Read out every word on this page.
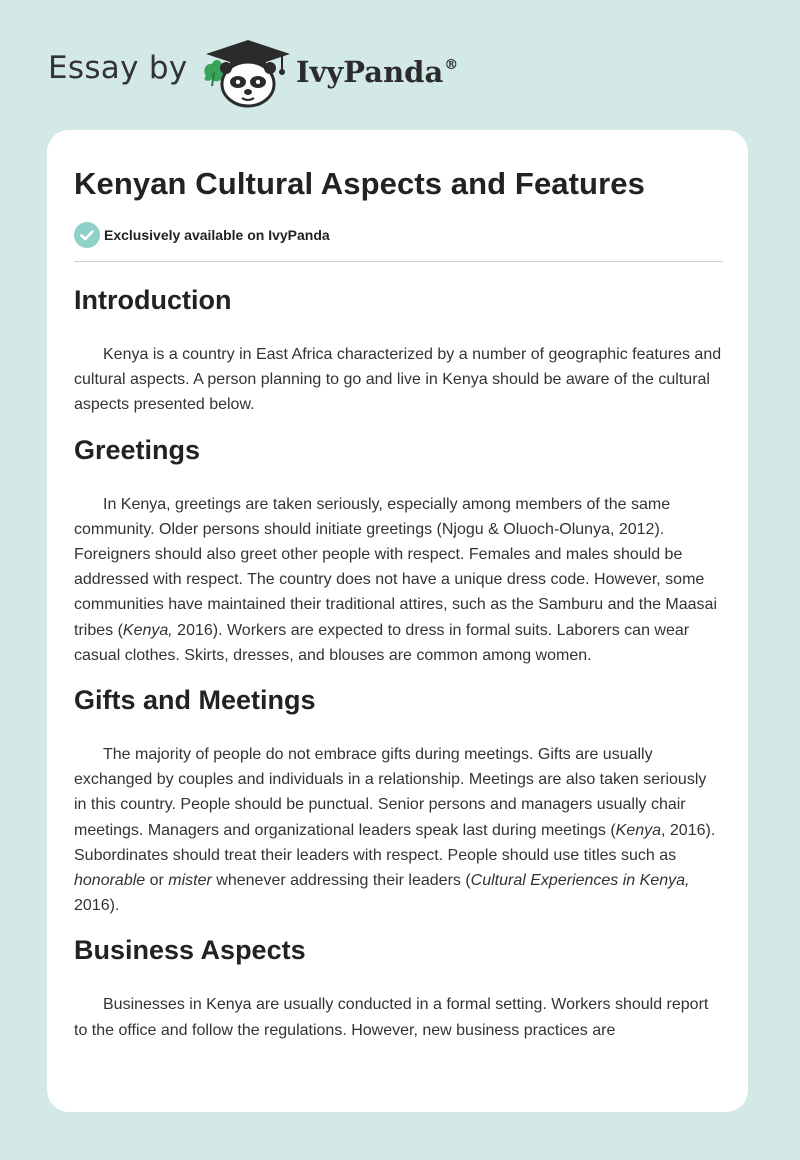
Essay by	IvyPanda®
Kenyan Cultural Aspects and Features
Exclusively available on IvyPanda
Introduction

Kenya is a country in East Africa characterized by a number of geographic features and cultural aspects. A person planning to go and live in Kenya should be aware of the cultural aspects presented below.

Greetings

In Kenya, greetings are taken seriously, especially among members of the same community. Older persons should initiate greetings (Njogu & Oluoch-Olunya, 2012). Foreigners should also greet other people with respect. Females and males should be addressed with respect. The country does not have a unique dress code. However, some communities have maintained their traditional attires, such as the Samburu and the Maasai tribes (Kenya, 2016). Workers are expected to dress in formal suits. Laborers can wear casual clothes. Skirts, dresses, and blouses are common among women.

Gifts and Meetings

The majority of people do not embrace gifts during meetings. Gifts are usually exchanged by couples and individuals in a relationship. Meetings are also taken seriously in this country. People should be punctual. Senior persons and managers usually chair meetings. Managers and organizational leaders speak last during meetings (Kenya, 2016). Subordinates should treat their leaders with respect. People should use titles such as honorable or mister whenever addressing their leaders (Cultural Experiences in Kenya, 2016).

Business Aspects

Businesses in Kenya are usually conducted in a formal setting. Workers should report to the office and follow the regulations. However, new business practices are
